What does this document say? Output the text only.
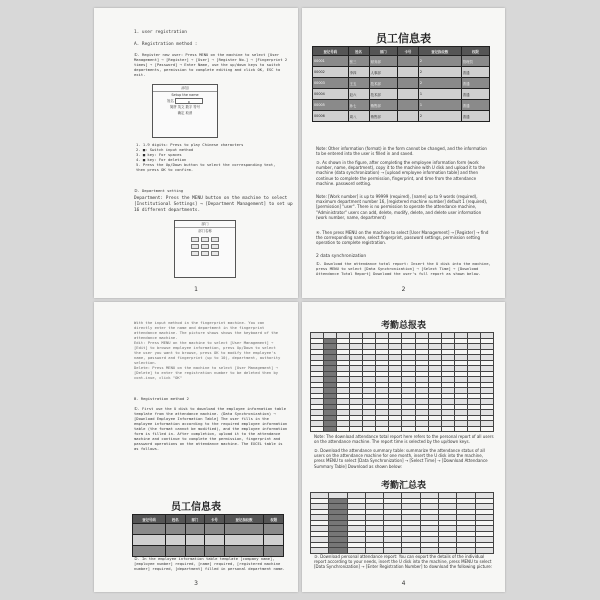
1. user registration
A. Registration method :
①. Register new user: Press MENU on the machine to select [User Management] → [Register] → [User] → [Register No.] → [Fingerprint 2 times] → [Password] → Enter Name, use the up/down keys to switch departments, permission to complete editing and click OK, ESC to exit.
添加
Setup the name
姓名	R
简拼 英文 数字 符号
确定 取消
1. 1-9 digits: Press to play Chinese characters
2. ■: Switch input method
3. ■ key: For spaces
4. ■ key: For deletion
5. Press the Up/Down button to select the corresponding text, then press OK to confirm.
②. Department setting
Department: Press the MENU button on the machine to select [Institutional Settings] → [Department Management] to set up 16 different departments.
部门
部门名称
1
员工信息表
登记号码	姓名	部门	卡号	登记指纹数	权限
00001	张三	财务部		2	管理员
00002	李四	人事部		2	普通
00003	王五	技术部		2	普通
00004	赵六	技术部		1	普通
00005	孙七	销售部		1	普通
00006	周八	销售部		2	普通
Note: Other information (format) in the form cannot be changed, and the information to be entered into the user is filled in and saved.
③. As shown in the figure, after completing the employee information form (work number, name, department), copy it to the machine with U disk and upload it to the machine (data synchronization) → [upload employee information table] and then continue to complete the permission, fingerprint, and time from the attendance machine. password setting.
Note: [Work number] is up to 99999 (required), [name] up to 9 words (required), maximum department number 16, [registered machine number] default 1 (required), [permission] "user". There is no permission to operate the attendance machine, "Administrator" users can add, delete, modify, delete, and delete user information (work number, name, department)
④. Then press MENU on the machine to select [User Management] → [Register] → find the corresponding name, select fingerprint, password settings, permission setting operation to complete registration.
2 data synchronization
①. Download the attendance total report: Insert the U disk into the machine, press MENU to select [Data Synchronization] → [Select Time] → [Download Attendance Total Report] Download the user's full report as shown below.
2
With the input method in the fingerprint machine. You can directly enter the name and department in the fingerprint attendance machine. The picture shows shows the keyboard of the attendance machine.
Edit: Press MENU on the machine to select [User Management] → [Edit] to browse employee information, press Up/Down to select the user you want to browse, press OK to modify the employee's name, password and fingerprint (up to 10), department, authority selection.
Delete: Press MENU on the machine to select [User Management] → [Delete] to enter the registration number to be deleted then by cont-inue, click "OK"
B. Registration method 2
①. First use the U disk to download the employee information table template from the attendance machine. (Data Synchronization) → [Download Employee Information Table] The user fills in the employee information according to the required employee information table (the format cannot be modified), and the employee information form is filled in. After completion, upload it to the attendance machine and continue to complete the permission, fingerprint and password operations on the attendance machine. The EXCEL table is as follows.
员工信息表
登记号码	姓名	部门	卡号	登记指纹数	权限

②. In the employee information table template [company name], [employee number] required, [name] required, [registered machine number] required, [department] filled in personal department name.
3
考勤总报表

Note: The download attendance total report here refers to the personal report of all users on the attendance machine. The report time is selected by the up/down keys.
②. Download the attendance summary table: summarize the attendance status of all users on the attendance machine for one month, insert the U disk into the machine, press MENU to select [Data Synchronization] → [Select Time] → [Download Attendance Summary Table] Download as shown below:
考勤汇总表

③. Download personal attendance report: You can export the details of the individual report according to your needs, insert the U disk into the machine, press MENU to select [Data Synchronization] → [Enter Registration Number] to download the following picture:
4
